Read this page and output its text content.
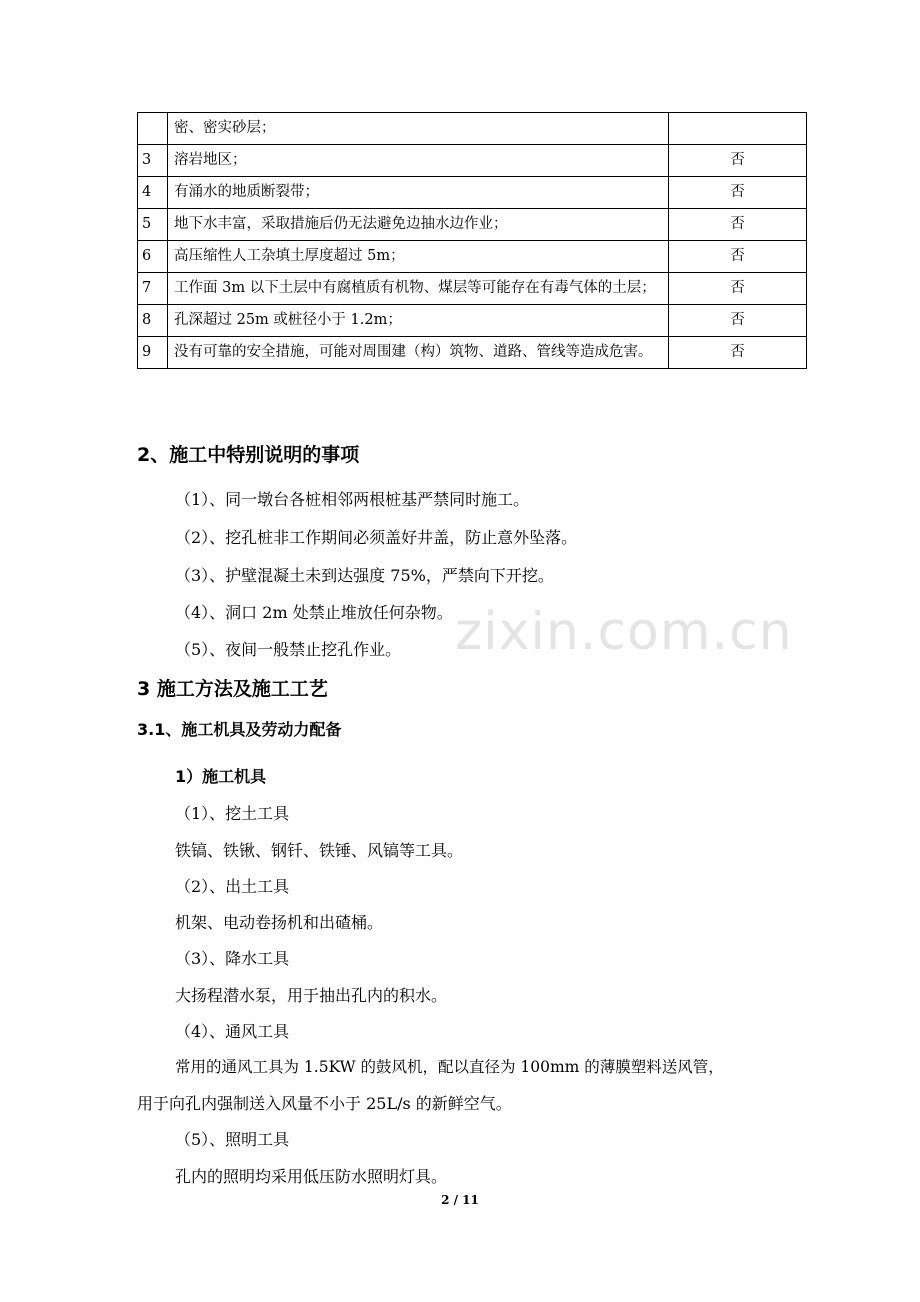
	密、密实砂层；	
3	溶岩地区；	否
4	有涌水的地质断裂带；	否
5	地下水丰富，采取措施后仍无法避免边抽水边作业；	否
6	高压缩性人工杂填土厚度超过 5m；	否
7	工作面 3m 以下土层中有腐植质有机物、煤层等可能存在有毒气体的土层；	否
8	孔深超过 25m 或桩径小于 1.2m；	否
9	没有可靠的安全措施，可能对周围建（构）筑物、道路、管线等造成危害。	否
zixin.com.cn
2、施工中特别说明的事项
（1）、同一墩台各桩相邻两根桩基严禁同时施工。
（2）、挖孔桩非工作期间必须盖好井盖，防止意外坠落。
（3）、护壁混凝土未到达强度 75%，严禁向下开挖。
（4）、洞口 2m 处禁止堆放任何杂物。
（5）、夜间一般禁止挖孔作业。
3 施工方法及施工工艺
3.1、施工机具及劳动力配备
1）施工机具
（1）、挖土工具
铁镐、铁锹、钢钎、铁锤、风镐等工具。
（2）、出土工具
机架、电动卷扬机和出碴桶。
（3）、降水工具
大扬程潜水泵，用于抽出孔内的积水。
（4）、通风工具
常用的通风工具为 1.5KW 的鼓风机，配以直径为 100mm 的薄膜塑料送风管，
用于向孔内强制送入风量不小于 25L/s 的新鲜空气。
（5）、照明工具
孔内的照明均采用低压防水照明灯具。
2 / 11
